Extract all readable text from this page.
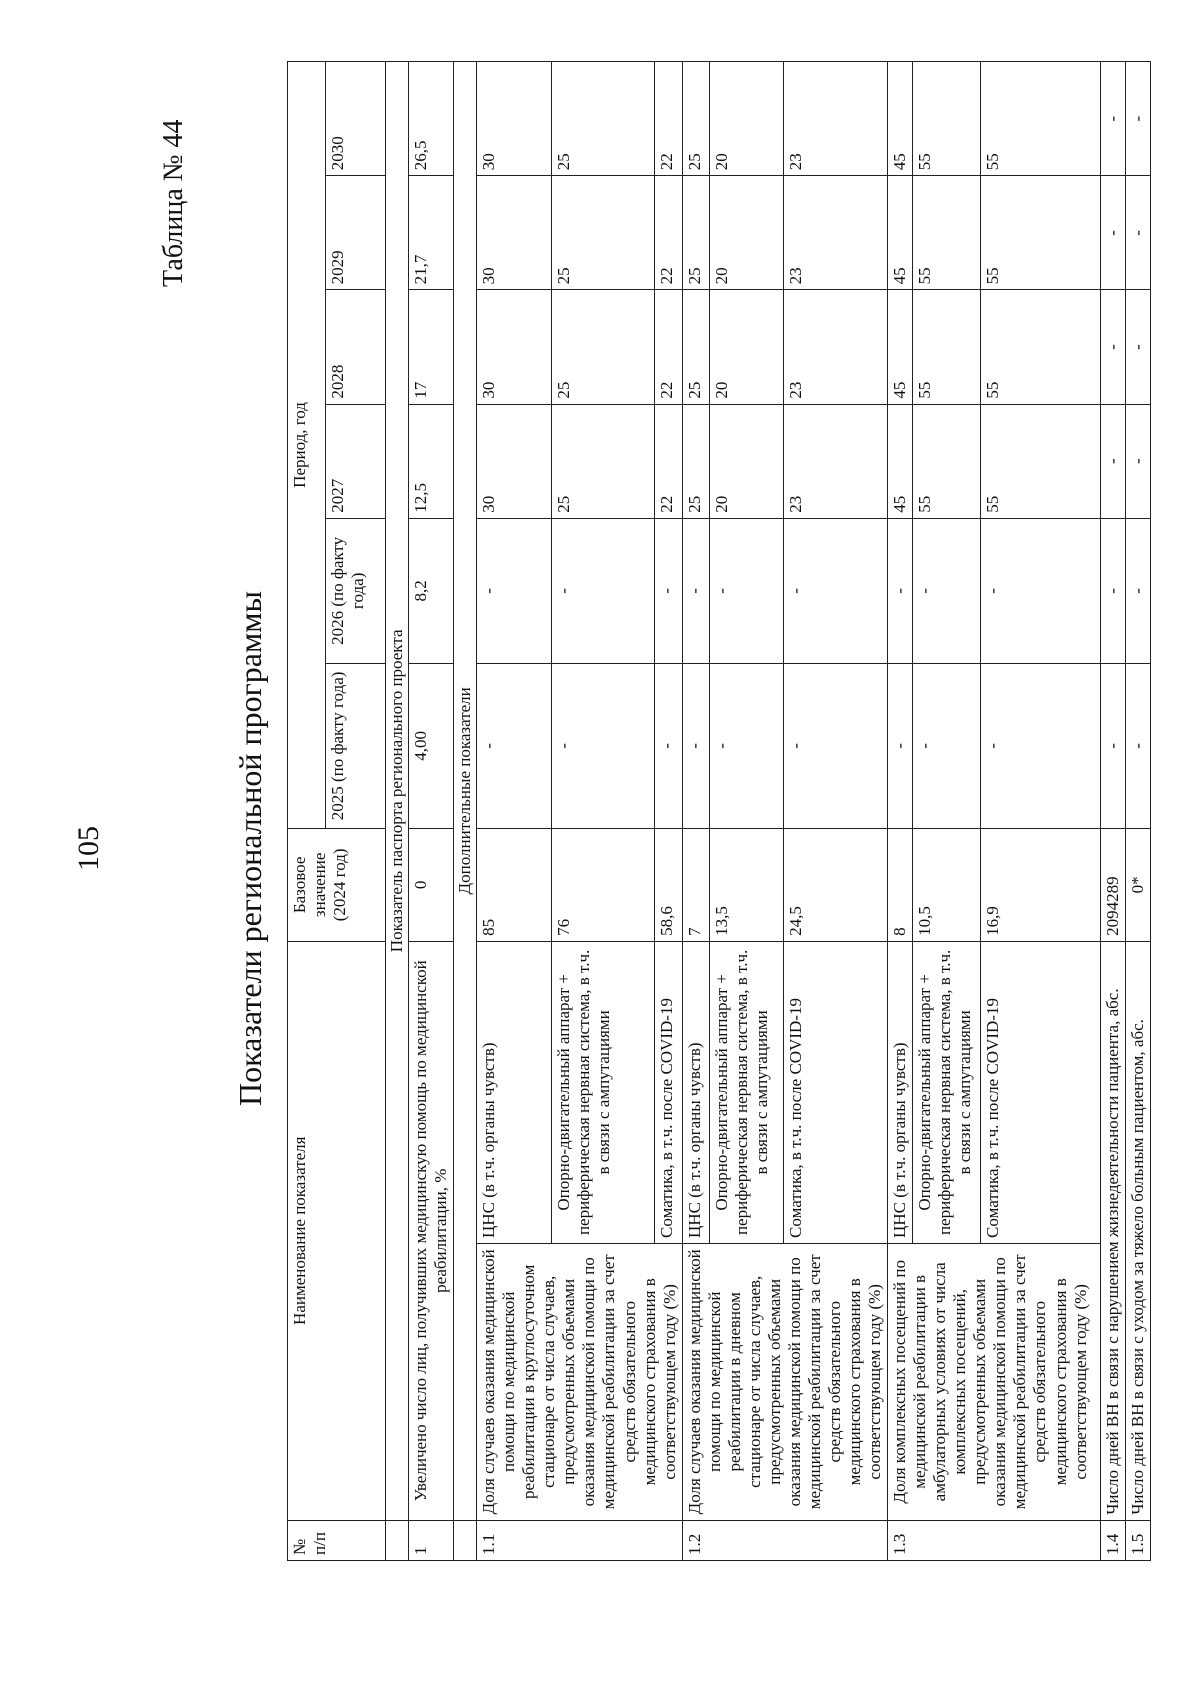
105
Таблица № 44
Показатели региональной программы
№ п/п	Наименование показателя		Базовое значение (2024 год)	Период, год					
				2025 (по факту года)	2026 (по факту года)	2027	2028	2029	2030
	Показатель паспорта регионального проекта								
1	Увеличено число лиц, получивших медицинскую помощь по медицинской реабилитации, %		0	4,00	8,2	12,5	17	21,7	26,5
	Дополнительные показатели								
1.1	Доля случаев оказания медицинской помощи по медицинской реабилитации в круглосуточном стационаре от числа случаев, предусмотренных объемами оказания медицинской помощи по медицинской реабилитации за счет средств обязательного медицинского страхования в соответствующем году (%)	ЦНС (в т.ч. органы чувств)	85	-	-	30	30	30	30
		Опорно-двигательный аппарат + периферическая нервная система, в т.ч. в связи с ампутациями	76	-	-	25	25	25	25
		Соматика, в т.ч. после COVID-19	58,6	-	-	22	22	22	22
1.2	Доля случаев оказания медицинской помощи по медицинской реабилитации в дневном стационаре от числа случаев, предусмотренных объемами оказания медицинской помощи по медицинской реабилитации за счет средств обязательного медицинского страхования в соответствующем году (%)	ЦНС (в т.ч. органы чувств)	7	-	-	25	25	25	25
		Опорно-двигательный аппарат + периферическая нервная система, в т.ч. в связи с ампутациями	13,5	-	-	20	20	20	20
		Соматика, в т.ч. после COVID-19	24,5	-	-	23	23	23	23
1.3	Доля комплексных посещений по медицинской реабилитации в амбулаторных условиях от числа комплексных посещений, предусмотренных объемами оказания медицинской помощи по медицинской реабилитации за счет средств обязательного медицинского страхования в соответствующем году (%)	ЦНС (в т.ч. органы чувств)	8	-	-	45	45	45	45
		Опорно-двигательный аппарат + периферическая нервная система, в т.ч. в связи с ампутациями	10,5	-	-	55	55	55	55
		Соматика, в т.ч. после COVID-19	16,9	-	-	55	55	55	55
1.4	Число дней ВН в связи с нарушением жизнедеятельности пациента, абс.		2094289	-	-	-	-	-	-
1.5	Число дней ВН в связи с уходом за тяжело больным пациентом, абс.		0*	-	-	-	-	-	-
